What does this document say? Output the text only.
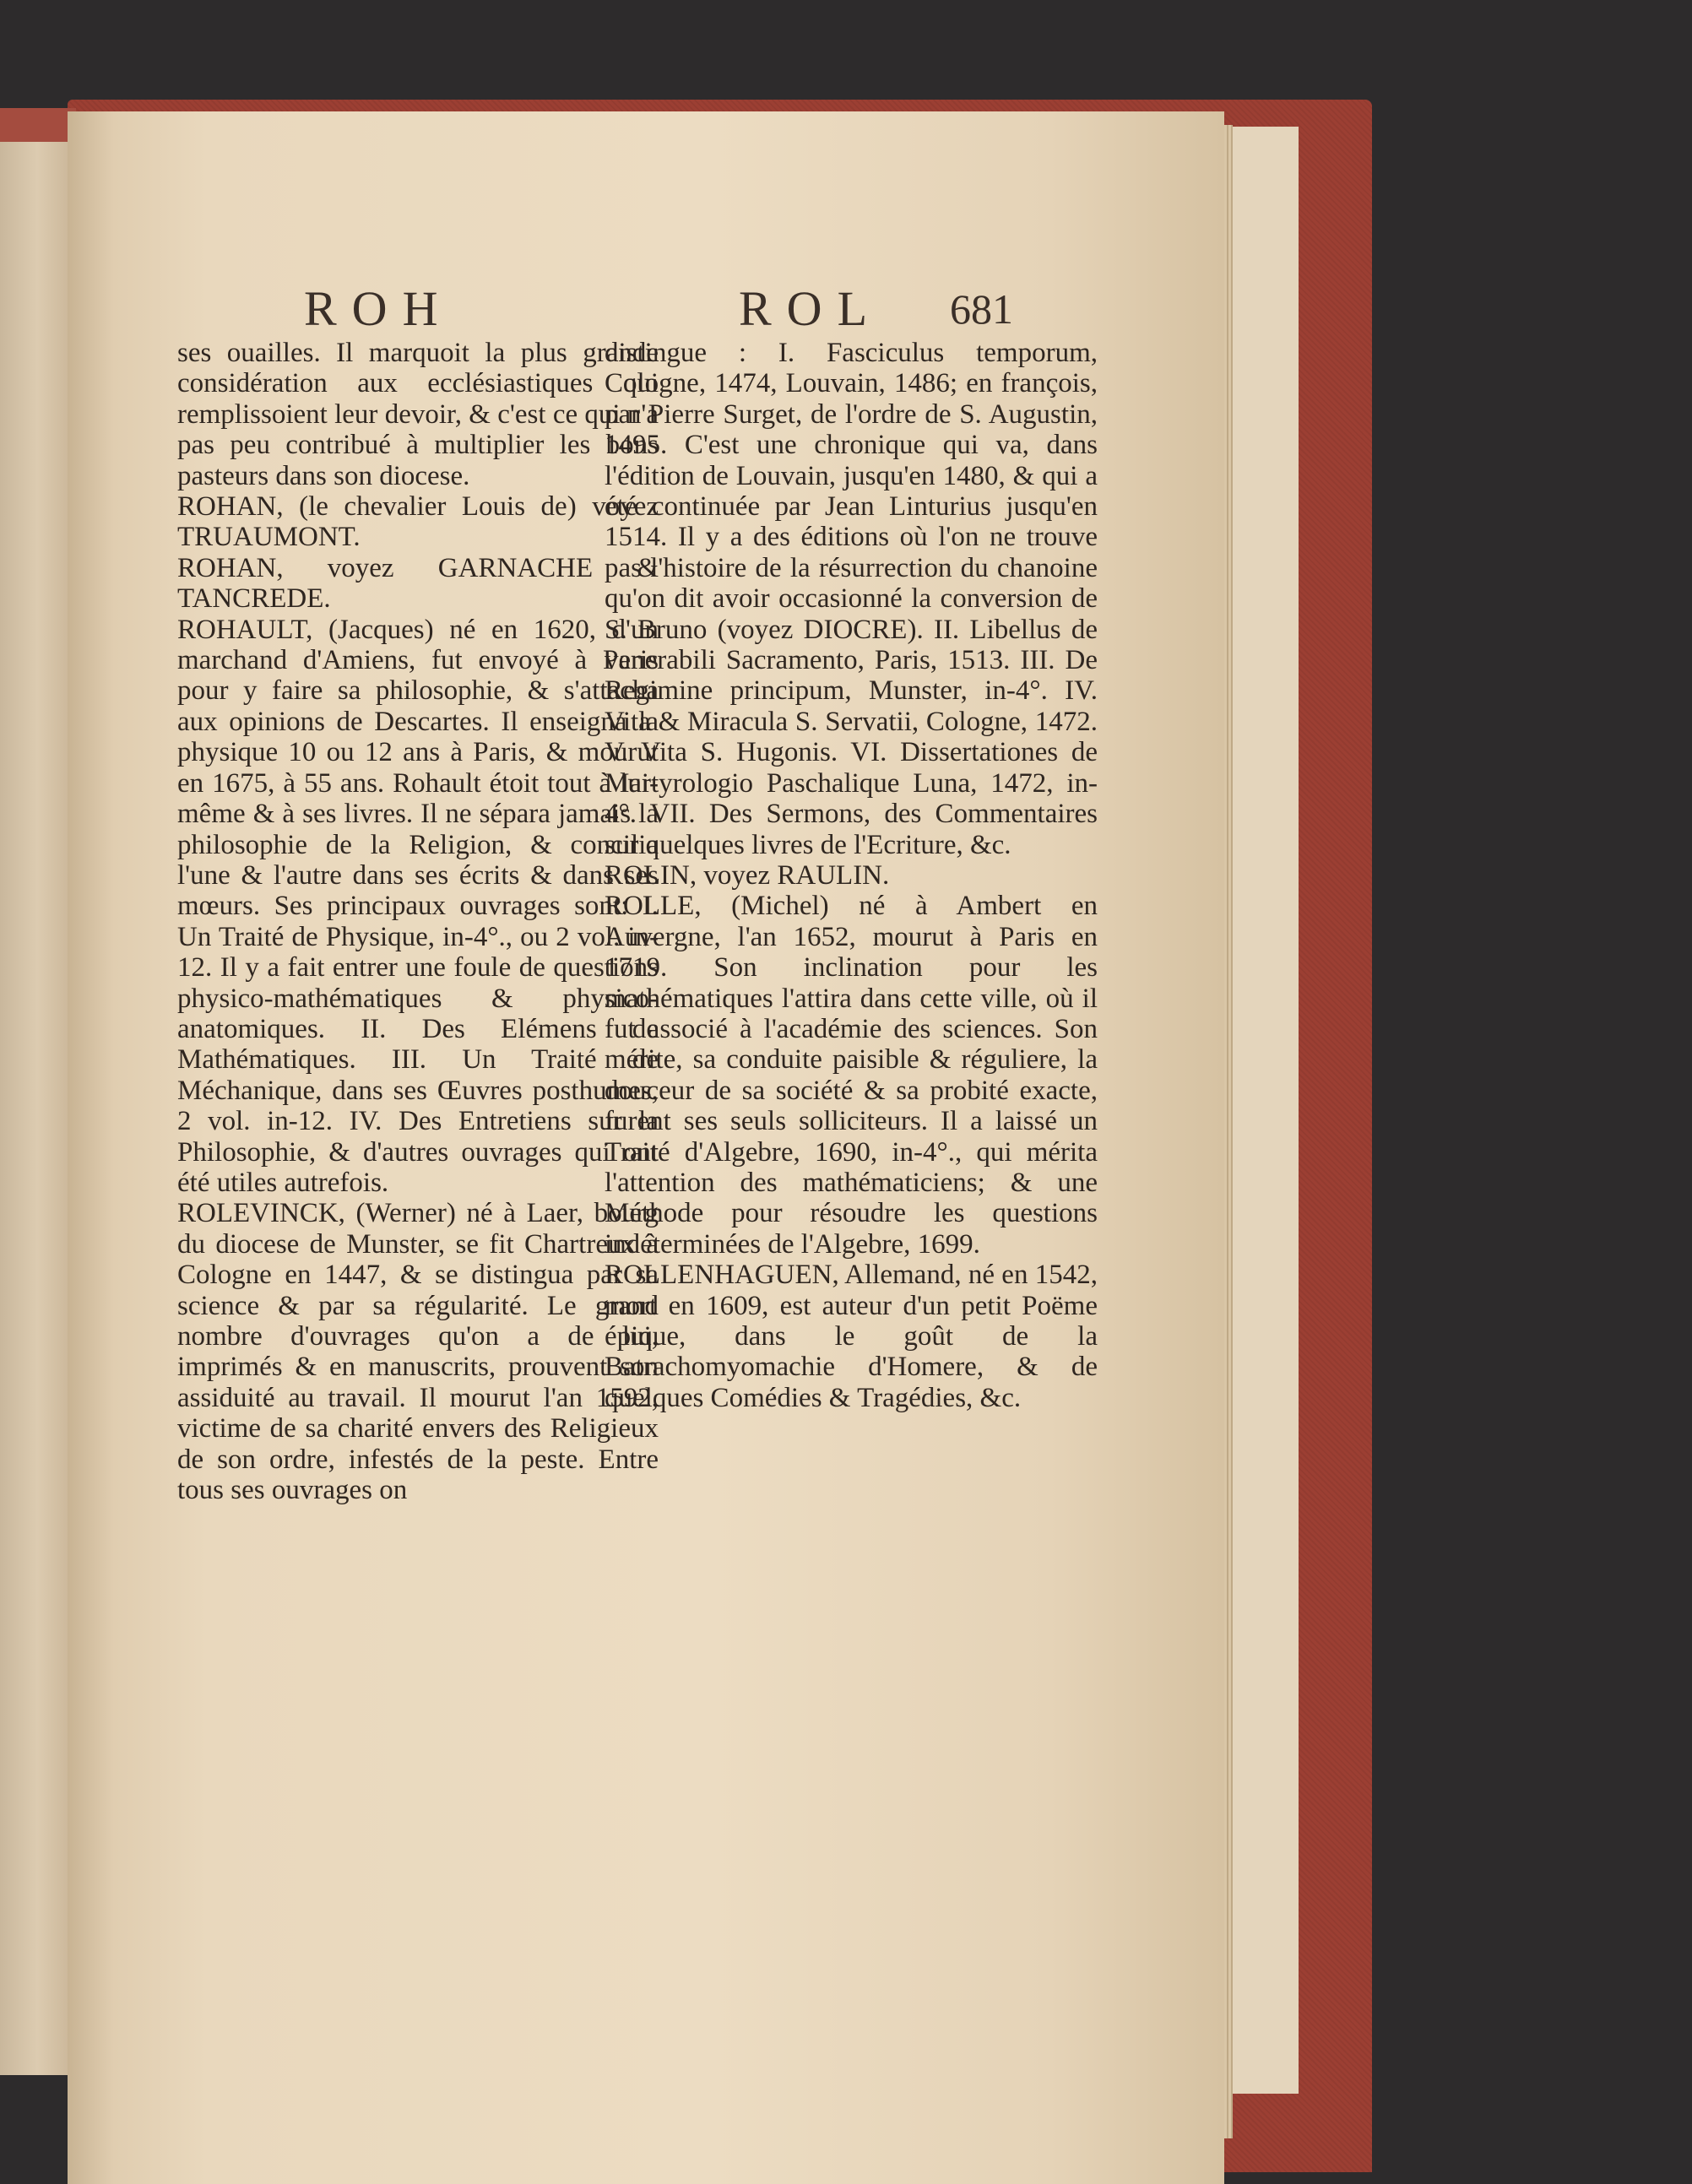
ROH	ROL 681
ses ouailles. Il marquoit la plus grande considération aux ecclésiastiques qui remplissoient leur devoir, & c'est ce qui n'a pas peu contribué à multiplier les bons pasteurs dans son diocese.
ROHAN, (le chevalier Louis de) voyez TRUAUMONT.
ROHAN, voyez GARNACHE & TANCREDE.
ROHAULT, (Jacques) né en 1620, d'un marchand d'Amiens, fut envoyé à Paris pour y faire sa philosophie, & s'attacha aux opinions de Descartes. Il enseigna la physique 10 ou 12 ans à Paris, & mourut en 1675, à 55 ans. Rohault étoit tout à lui-même & à ses livres. Il ne sépara jamais la philosophie de la Religion, & concilia l'une & l'autre dans ses écrits & dans ses mœurs. Ses principaux ouvrages sont: I. Un Traité de Physique, in-4°., ou 2 vol. in-12. Il y a fait entrer une foule de questions physico-mathématiques & physico-anatomiques. II. Des Elémens de Mathématiques. III. Un Traité de Méchanique, dans ses Œuvres posthumes, 2 vol. in-12. IV. Des Entretiens sur la Philosophie, & d'autres ouvrages qui ont été utiles autrefois.
ROLEVINCK, (Werner) né à Laer, bourg du diocese de Munster, se fit Chartreux à Cologne en 1447, & se distingua par sa science & par sa régularité. Le grand nombre d'ouvrages qu'on a de lui, imprimés & en manuscrits, prouvent son assiduité au travail. Il mourut l'an 1592, victime de sa charité envers des Religieux de son ordre, infestés de la peste. Entre tous ses ouvrages on
distingue : I. Fasciculus temporum, Cologne, 1474, Louvain, 1486; en françois, par Pierre Surget, de l'ordre de S. Augustin, 1495. C'est une chronique qui va, dans l'édition de Louvain, jusqu'en 1480, & qui a été continuée par Jean Linturius jusqu'en 1514. Il y a des éditions où l'on ne trouve pas l'histoire de la résurrection du chanoine qu'on dit avoir occasionné la conversion de S. Bruno (voyez DIOCRE). II. Libellus de venerabili Sacramento, Paris, 1513. III. De Regimine principum, Munster, in-4°. IV. Vita & Miracula S. Servatii, Cologne, 1472. V. Vita S. Hugonis. VI. Dissertationes de Martyrologio Paschalique Luna, 1472, in-4°. VII. Des Sermons, des Commentaires sur quelques livres de l'Ecriture, &c.
ROLIN, voyez RAULIN.
ROLLE, (Michel) né à Ambert en Auvergne, l'an 1652, mourut à Paris en 1719. Son inclination pour les mathématiques l'attira dans cette ville, où il fut associé à l'académie des sciences. Son mérite, sa conduite paisible & réguliere, la douceur de sa société & sa probité exacte, furent ses seuls solliciteurs. Il a laissé un Traité d'Algebre, 1690, in-4°., qui mérita l'attention des mathématiciens; & une Méthode pour résoudre les questions indéterminées de l'Algebre, 1699.
ROLLENHAGUEN, Allemand, né en 1542, mort en 1609, est auteur d'un petit Poëme épique, dans le goût de la Batrachomyomachie d'Homere, & de quelques Comédies & Tragédies, &c.
